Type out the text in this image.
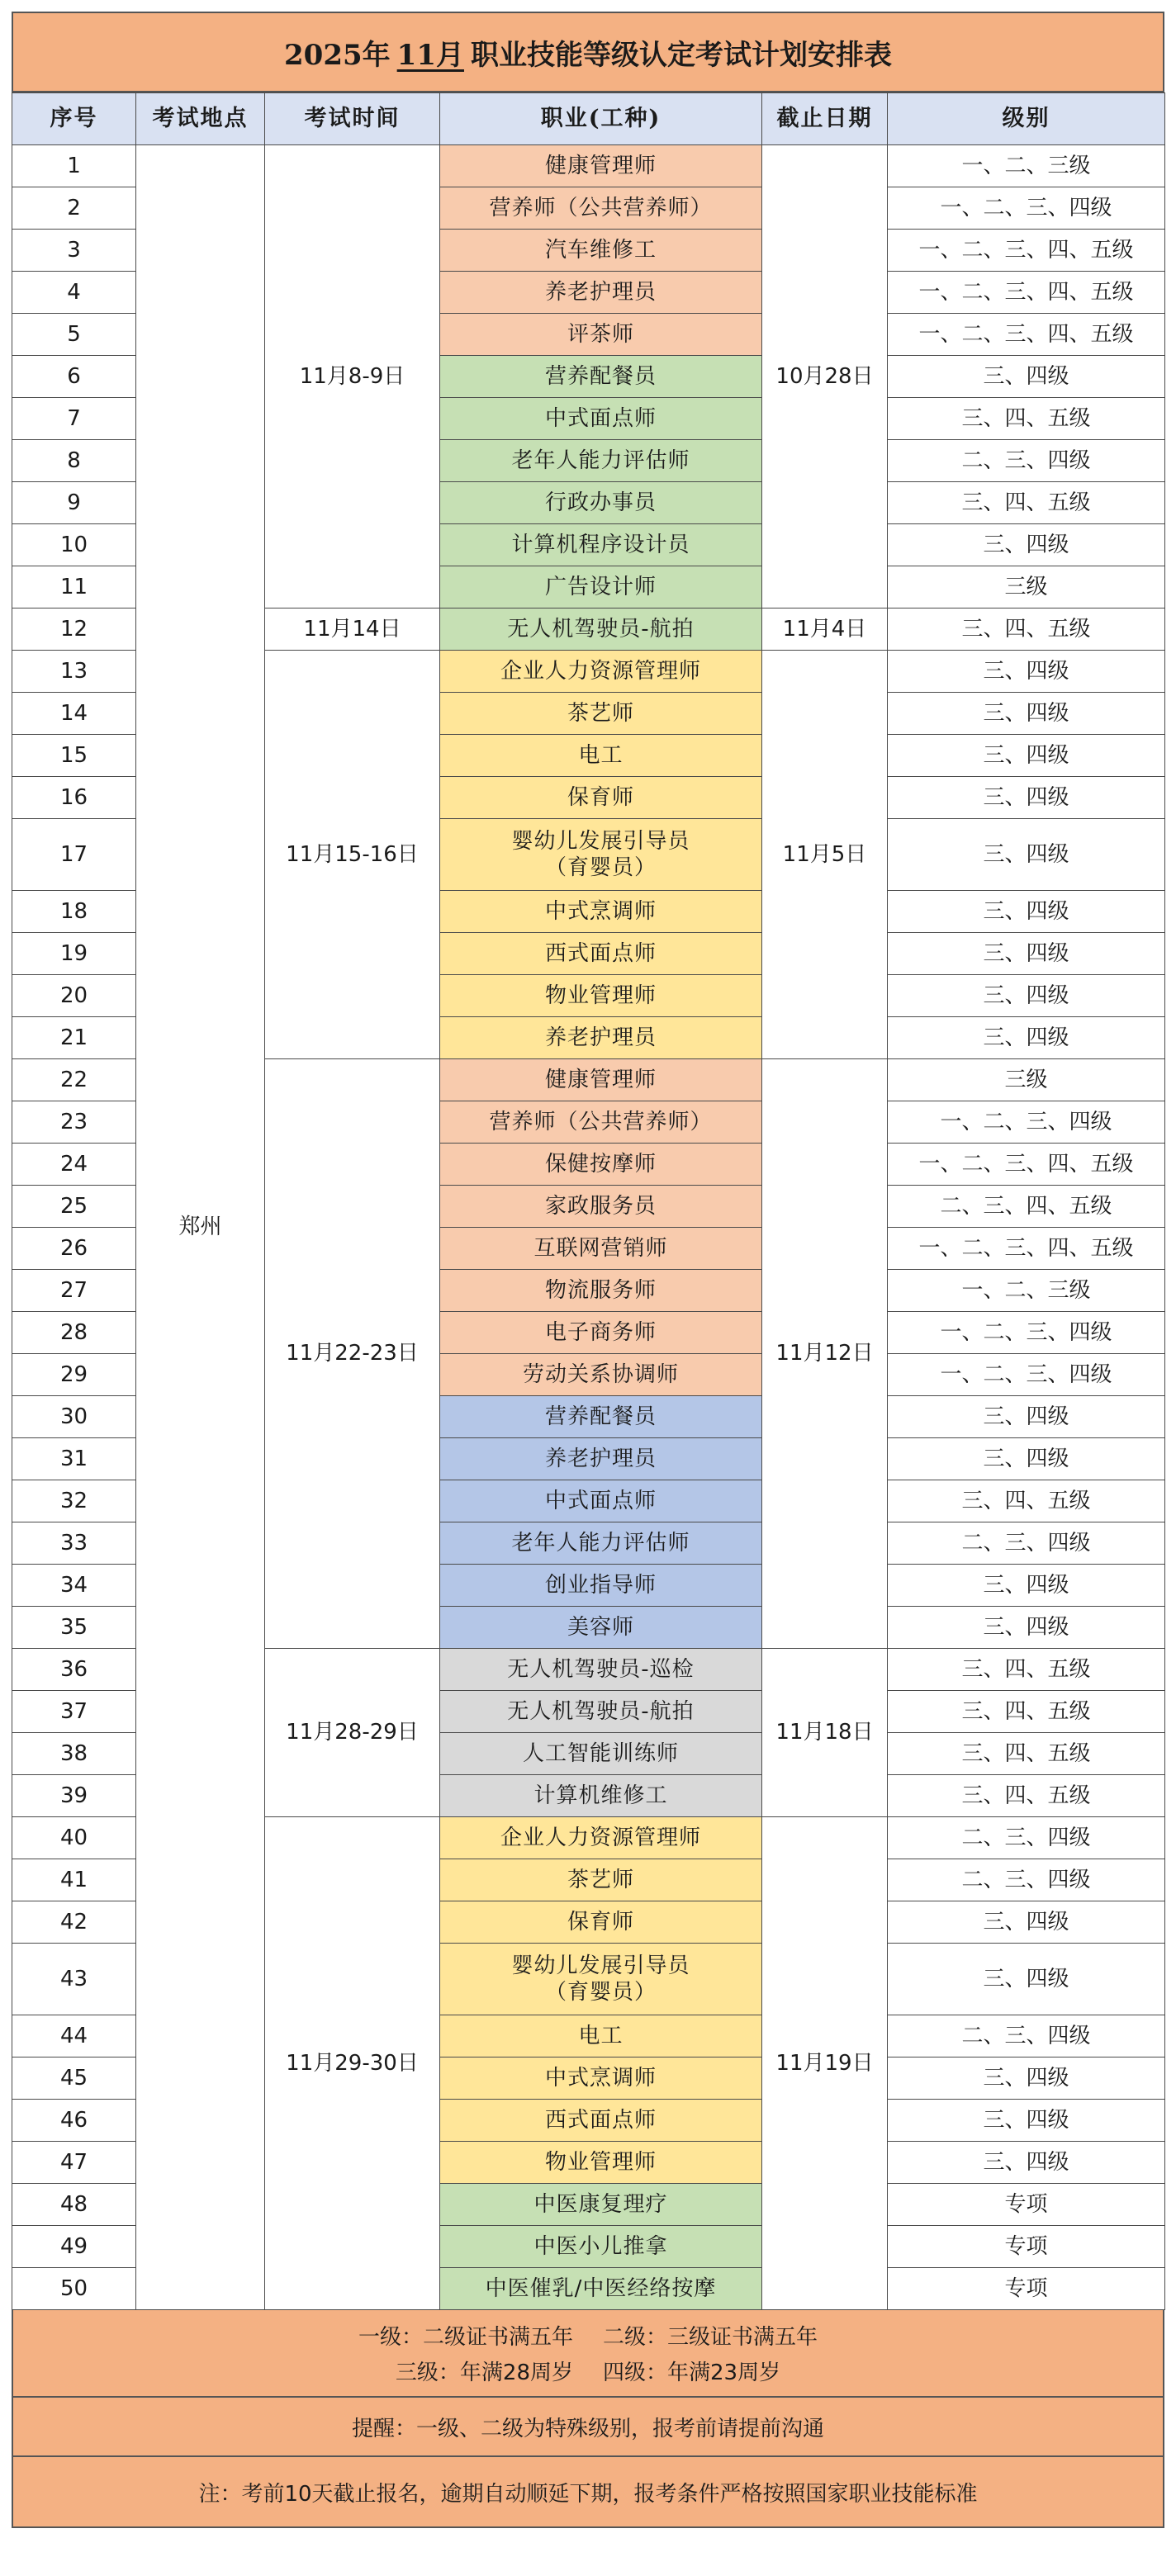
2025年 11月 职业技能等级认定考试计划安排表
序号	考试地点	考试时间	职业(工种)	截止日期	级别
1	郑州	11月8-9日	健康管理师	10月28日	一、二、三级
2			营养师（公共营养师）		一、二、三、四级
3			汽车维修工		一、二、三、四、五级
4			养老护理员		一、二、三、四、五级
5			评茶师		一、二、三、四、五级
6			营养配餐员		三、四级
7			中式面点师		三、四、五级
8			老年人能力评估师		二、三、四级
9			行政办事员		三、四、五级
10			计算机程序设计员		三、四级
11			广告设计师		三级
12		11月14日	无人机驾驶员-航拍	11月4日	三、四、五级
13		11月15-16日	企业人力资源管理师	11月5日	三、四级
14			茶艺师		三、四级
15			电工		三、四级
16			保育师		三、四级
17			婴幼儿发展引导员
（育婴员）		三、四级
18			中式烹调师		三、四级
19			西式面点师		三、四级
20			物业管理师		三、四级
21			养老护理员		三、四级
22		11月22-23日	健康管理师	11月12日	三级
23			营养师（公共营养师）		一、二、三、四级
24			保健按摩师		一、二、三、四、五级
25			家政服务员		二、三、四、五级
26			互联网营销师		一、二、三、四、五级
27			物流服务师		一、二、三级
28			电子商务师		一、二、三、四级
29			劳动关系协调师		一、二、三、四级
30			营养配餐员		三、四级
31			养老护理员		三、四级
32			中式面点师		三、四、五级
33			老年人能力评估师		二、三、四级
34			创业指导师		三、四级
35			美容师		三、四级
36		11月28-29日	无人机驾驶员-巡检	11月18日	三、四、五级
37			无人机驾驶员-航拍		三、四、五级
38			人工智能训练师		三、四、五级
39			计算机维修工		三、四、五级
40		11月29-30日	企业人力资源管理师	11月19日	二、三、四级
41			茶艺师		二、三、四级
42			保育师		三、四级
43			婴幼儿发展引导员
（育婴员）		三、四级
44			电工		二、三、四级
45			中式烹调师		三、四级
46			西式面点师		三、四级
47			物业管理师		三、四级
48			中医康复理疗		专项
49			中医小儿推拿		专项
50			中医催乳/中医经络按摩		专项
一级：二级证书满五年 二级：三级证书满五年
三级：年满28周岁 四级：年满23周岁
提醒：一级、二级为特殊级别，报考前请提前沟通
注：考前10天截止报名，逾期自动顺延下期，报考条件严格按照国家职业技能标准
